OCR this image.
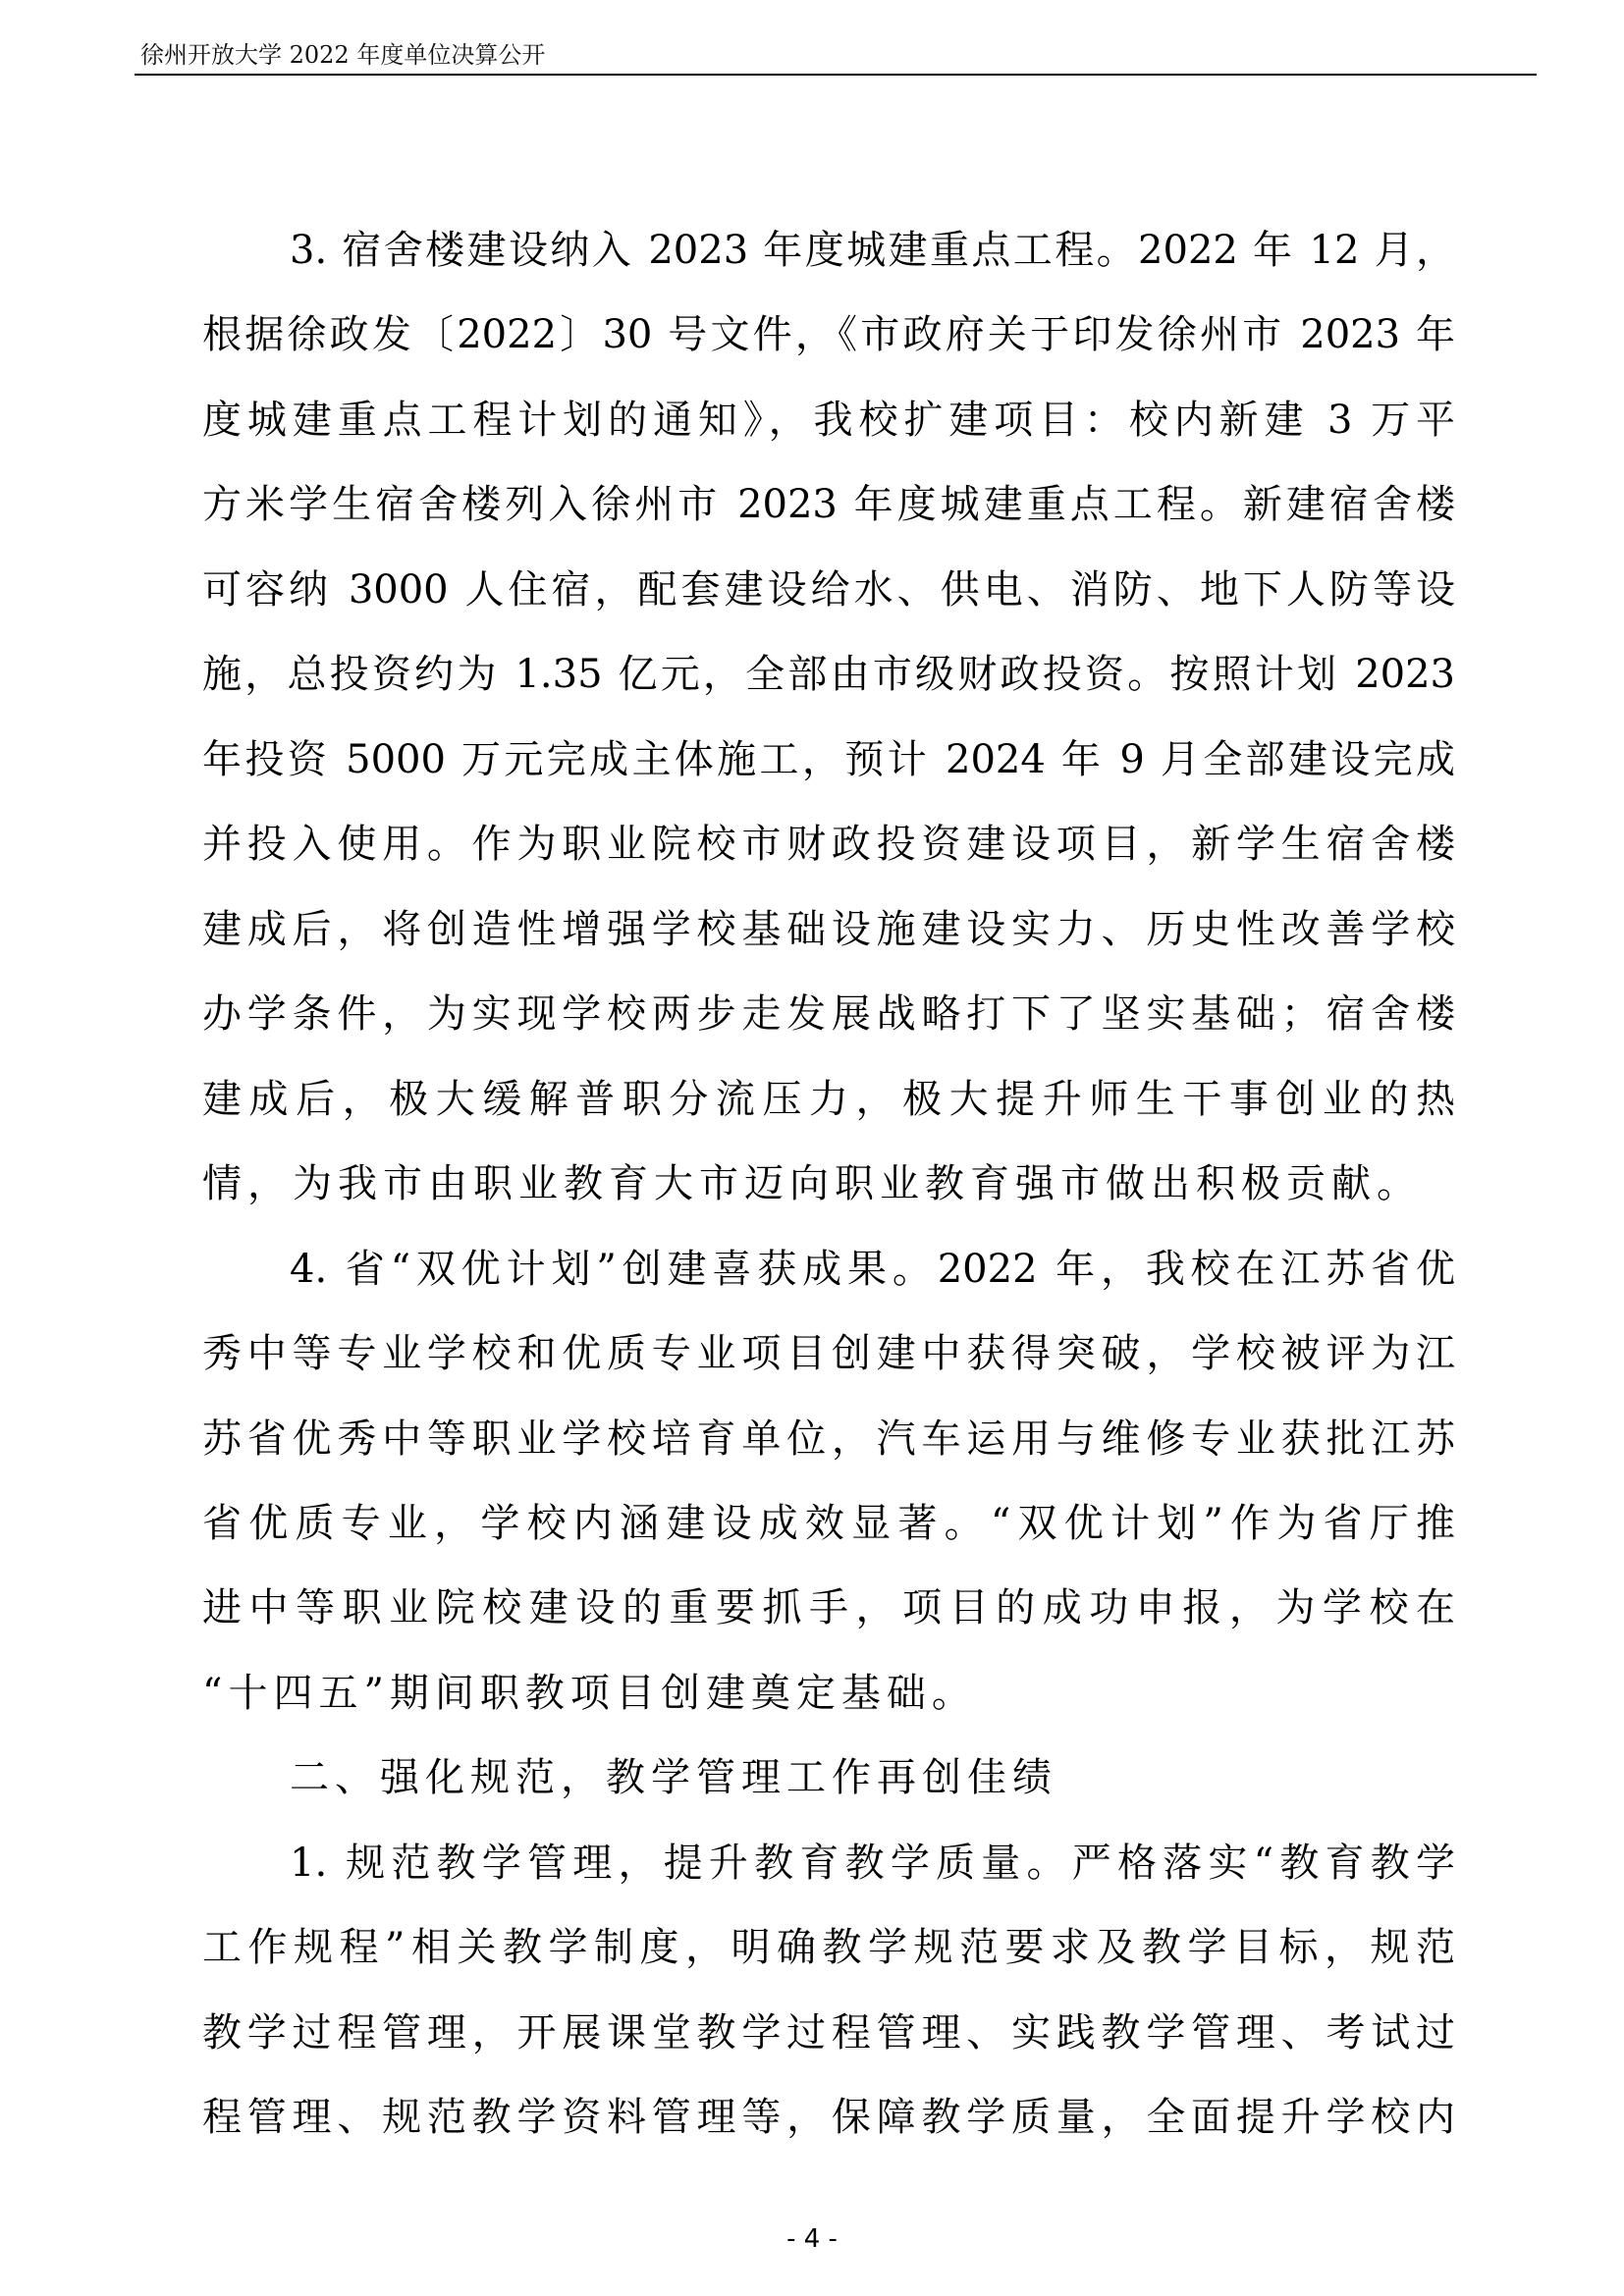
徐州开放大学 2022 年度单位决算公开
3. 宿舍楼建设纳入 2023 年度城建重点工程。2022 年 12 月，
根据徐政发〔2022〕30 号文件，《市政府关于印发徐州市 2023 年
度城建重点工程计划的通知》，我校扩建项目：校内新建 3 万平
方米学生宿舍楼列入徐州市 2023 年度城建重点工程。新建宿舍楼
可容纳 3000 人住宿，配套建设给水、供电、消防、地下人防等设
施，总投资约为 1.35 亿元，全部由市级财政投资。按照计划 2023
年投资 5000 万元完成主体施工，预计 2024 年 9 月全部建设完成
并投入使用。作为职业院校市财政投资建设项目，新学生宿舍楼
建成后，将创造性增强学校基础设施建设实力、历史性改善学校
办学条件，为实现学校两步走发展战略打下了坚实基础；宿舍楼
建成后，极大缓解普职分流压力，极大提升师生干事创业的热
情，为我市由职业教育大市迈向职业教育强市做出积极贡献。
4. 省“双优计划”创建喜获成果。2022 年，我校在江苏省优
秀中等专业学校和优质专业项目创建中获得突破，学校被评为江
苏省优秀中等职业学校培育单位，汽车运用与维修专业获批江苏
省优质专业，学校内涵建设成效显著。“双优计划”作为省厅推
进中等职业院校建设的重要抓手，项目的成功申报，为学校在
“十四五”期间职教项目创建奠定基础。
二、强化规范，教学管理工作再创佳绩
1. 规范教学管理，提升教育教学质量。严格落实“教育教学
工作规程”相关教学制度，明确教学规范要求及教学目标，规范
教学过程管理，开展课堂教学过程管理、实践教学管理、考试过
程管理、规范教学资料管理等，保障教学质量，全面提升学校内
- 4 -
